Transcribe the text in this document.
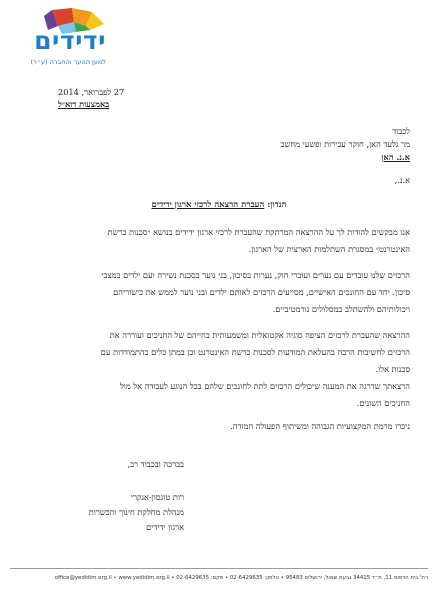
ידידים
למען הנוער והחברה (ע״ר)
27 לפברואר, 2014
באמצעות דוא״ל
לכבוד
מר גלעד האן, חוקר עבירות ופשעי מחשב
א.נ. האן
א.נ.,
הנדון: העברת הרצאה לרכזי ארגון ידידים
אנו מבקשים להודות לך על ההרצאה המרתקת שהעברת לרכזי ארגון ידידים בנושא ״סכנות ברשת
האינטרנט״ במסגרת השתלמות הארצית של הארגון.
הרכזים שלנו עובדים עם נערים ועוברי חוק, נערות בסיכון, בני נוער בסכנת נשירה ועם ילדים במצבי
סיכון. יחד עם החונכים האישיים, מסייעים הרכזים לאותם ילדים ובני נוער לממש את כישוריהם
ויכולותיהם ולהשתלב במסלולים נורמטיביים.
ההרצאה שהעברת לרכזים הציפה סוגיה אקטואלית ומשמעותית בחייהם של החניכים ועוררה את
הרכזים לחשיבות הרבה בהעלאת המודעות לסכנות ברשת האינטרנט וכן במתן כלים בהתמודדות עם
סכנות אלו.
הרצאתך שדרגה את המענה שיכולים הרכזים לתת לחונכים שלהם בכל הנוגע לעבודה אל מול
החניכים השונים.
ניכרו מרמת המקצועיות הגבוהה ומשיתוף הפעולה המורה.
בברכה ובכבוד רב,
רות טוגסון-אנקרי
מנהלת מחלקת חינוך והכשרות
ארגון ידידים
רח' בית הדפוס 11, ת״ד 34415 גבעת שאול, ירושלים 95483 • טלפון: 02-6429635 • פקס: 02-6429635 • office@yedidim.org.il • www.yedidim.org.il
